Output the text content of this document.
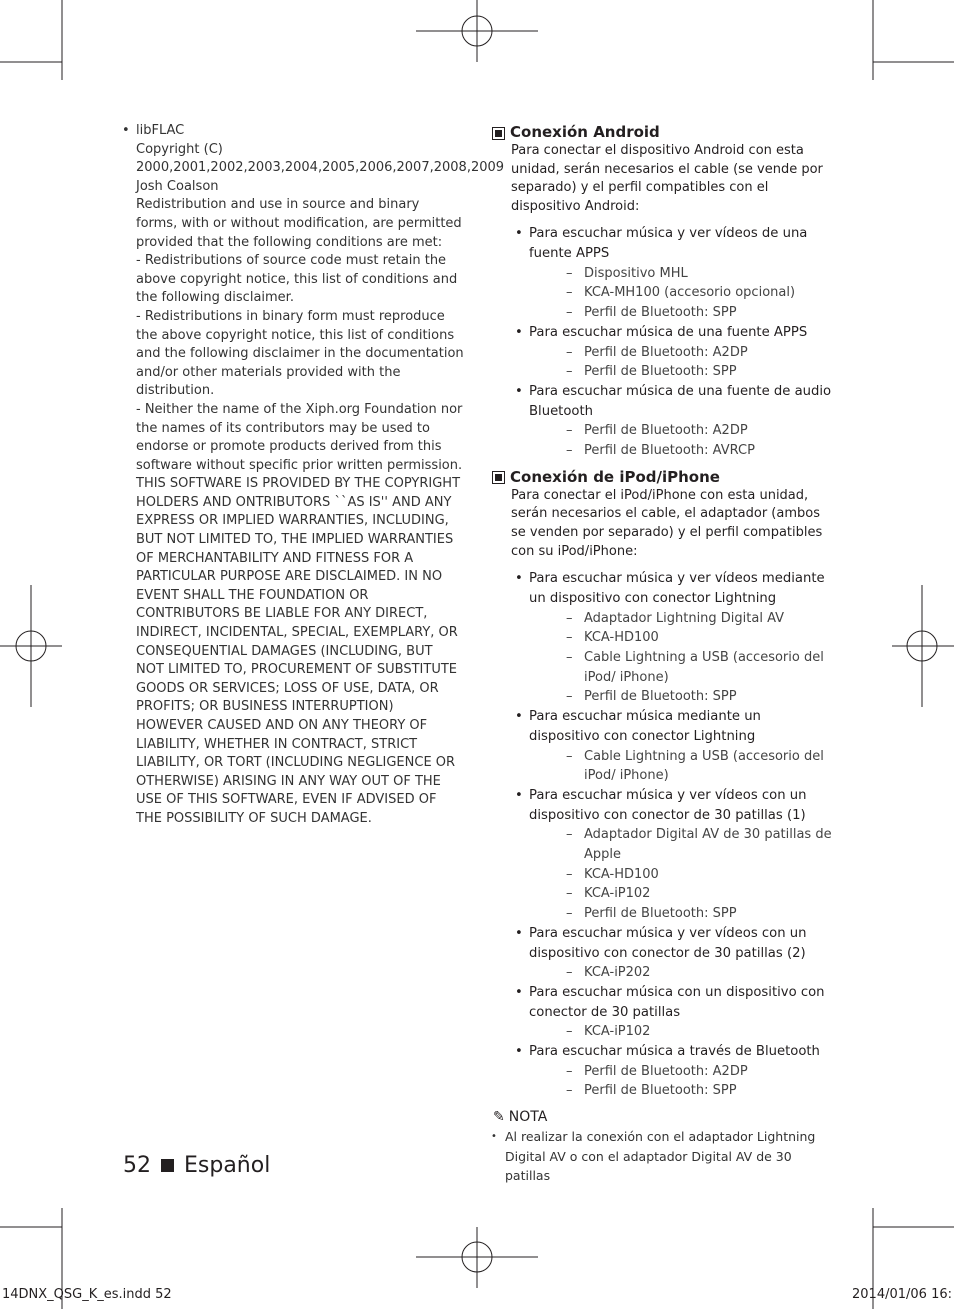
• libFLAC

Copyright (C) 2000,2001,2002,2003,2004,2005,2006,2007,2008,2009 Josh Coalson

Redistribution and use in source and binary forms, with or without modification, are permitted provided that the following conditions are met:

- Redistributions of source code must retain the above copyright notice, this list of conditions and the following disclaimer.

- Redistributions in binary form must reproduce the above copyright notice, this list of conditions and the following disclaimer in the documentation and/or other materials provided with the distribution.

- Neither the name of the Xiph.org Foundation nor the names of its contributors may be used to endorse or promote products derived from this software without specific prior written permission.

THIS SOFTWARE IS PROVIDED BY THE COPYRIGHT HOLDERS AND ONTRIBUTORS ``AS IS'' AND ANY EXPRESS OR IMPLIED WARRANTIES, INCLUDING, BUT NOT LIMITED TO, THE IMPLIED WARRANTIES OF MERCHANTABILITY AND FITNESS FOR A PARTICULAR PURPOSE ARE DISCLAIMED. IN NO EVENT SHALL THE FOUNDATION OR CONTRIBUTORS BE LIABLE FOR ANY DIRECT, INDIRECT, INCIDENTAL, SPECIAL, EXEMPLARY, OR CONSEQUENTIAL DAMAGES (INCLUDING, BUT NOT LIMITED TO, PROCUREMENT OF SUBSTITUTE GOODS OR SERVICES; LOSS OF USE, DATA, OR PROFITS; OR BUSINESS INTERRUPTION) HOWEVER CAUSED AND ON ANY THEORY OF LIABILITY, WHETHER IN CONTRACT, STRICT LIABILITY, OR TORT (INCLUDING NEGLIGENCE OR OTHERWISE) ARISING IN ANY WAY OUT OF THE USE OF THIS SOFTWARE, EVEN IF ADVISED OF THE POSSIBILITY OF SUCH DAMAGE.

Conexión Android

Para conectar el dispositivo Android con esta unidad, serán necesarios el cable (se vende por separado) y el perfil compatibles con el dispositivo Android:

• Para escuchar música y ver vídeos de una fuente APPS
– Dispositivo MHL
– KCA-MH100 (accesorio opcional)
– Perfil de Bluetooth: SPP
• Para escuchar música de una fuente APPS
– Perfil de Bluetooth: A2DP
– Perfil de Bluetooth: SPP
• Para escuchar música de una fuente de audio Bluetooth
– Perfil de Bluetooth: A2DP
– Perfil de Bluetooth: AVRCP
Conexión de iPod/iPhone

Para conectar el iPod/iPhone con esta unidad, serán necesarios el cable, el adaptador (ambos se venden por separado) y el perfil compatibles con su iPod/iPhone:

• Para escuchar música y ver vídeos mediante un dispositivo con conector Lightning
– Adaptador Lightning Digital AV
– KCA-HD100
– Cable Lightning a USB (accesorio del iPod/ iPhone)
– Perfil de Bluetooth: SPP
• Para escuchar música mediante un dispositivo con conector Lightning
– Cable Lightning a USB (accesorio del iPod/ iPhone)
• Para escuchar música y ver vídeos con un dispositivo con conector de 30 patillas (1)
– Adaptador Digital AV de 30 patillas de Apple
– KCA-HD100
– KCA-iP102
– Perfil de Bluetooth: SPP
• Para escuchar música y ver vídeos con un dispositivo con conector de 30 patillas (2)
– KCA-iP202
• Para escuchar música con un dispositivo con conector de 30 patillas
– KCA-iP102
• Para escuchar música a través de Bluetooth
– Perfil de Bluetooth: A2DP
– Perfil de Bluetooth: SPP
✎ NOTA

• Al realizar la conexión con el adaptador Lightning Digital AV o con el adaptador Digital AV de 30 patillas

52 Español
14DNX_QSG_K_es.indd 52	2014/01/06 16:
